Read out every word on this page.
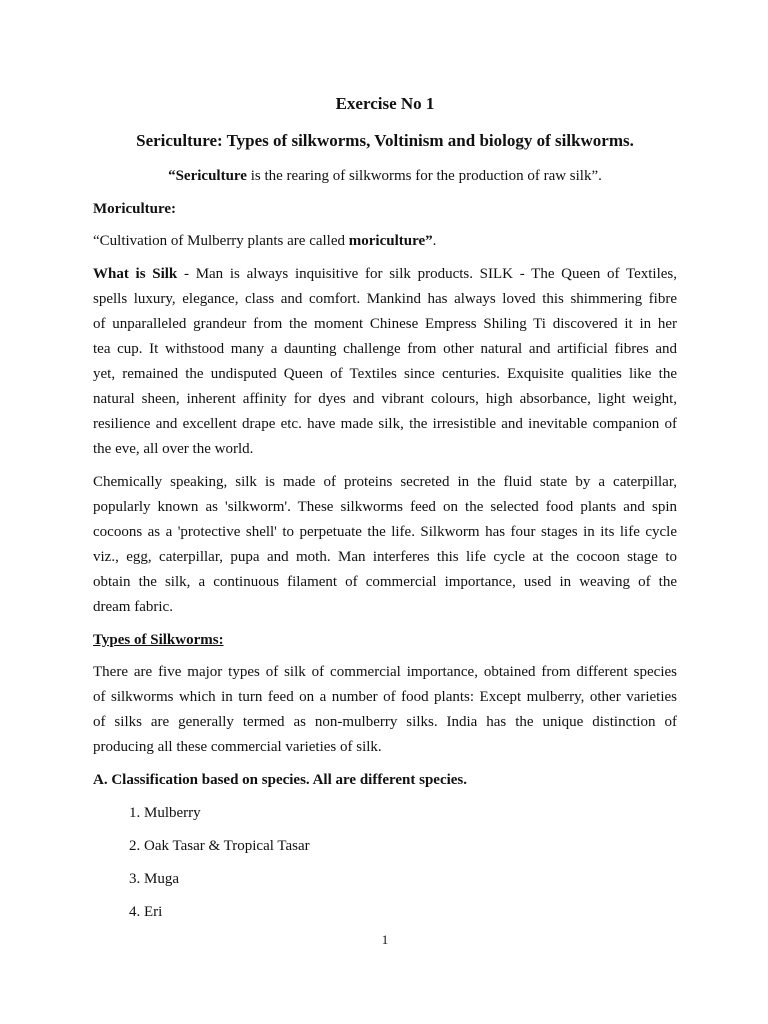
Exercise No 1
Sericulture: Types of silkworms, Voltinism and biology of silkworms.
“Sericulture is the rearing of silkworms for the production of raw silk”.
Moriculture:
“Cultivation of Mulberry plants are called moriculture”.
What is Silk - Man is always inquisitive for silk products. SILK - The Queen of Textiles,
spells luxury, elegance, class and comfort. Mankind has always loved this shimmering fibre
of unparalleled grandeur from the moment Chinese Empress Shiling Ti discovered it in her
tea cup. It withstood many a daunting challenge from other natural and artificial fibres and
yet, remained the undisputed Queen of Textiles since centuries. Exquisite qualities like the
natural sheen, inherent affinity for dyes and vibrant colours, high absorbance, light weight,
resilience and excellent drape etc. have made silk, the irresistible and inevitable companion of
the eve, all over the world.
Chemically speaking, silk is made of proteins secreted in the fluid state by a caterpillar,
popularly known as 'silkworm'. These silkworms feed on the selected food plants and spin
cocoons as a 'protective shell' to perpetuate the life. Silkworm has four stages in its life cycle
viz., egg, caterpillar, pupa and moth. Man interferes this life cycle at the cocoon stage to
obtain the silk, a continuous filament of commercial importance, used in weaving of the
dream fabric.
Types of Silkworms:
There are five major types of silk of commercial importance, obtained from different species
of silkworms which in turn feed on a number of food plants: Except mulberry, other varieties
of silks are generally termed as non-mulberry silks. India has the unique distinction of
producing all these commercial varieties of silk.
A. Classification based on species. All are different species.
1. Mulberry
2. Oak Tasar & Tropical Tasar
3. Muga
4. Eri
1
